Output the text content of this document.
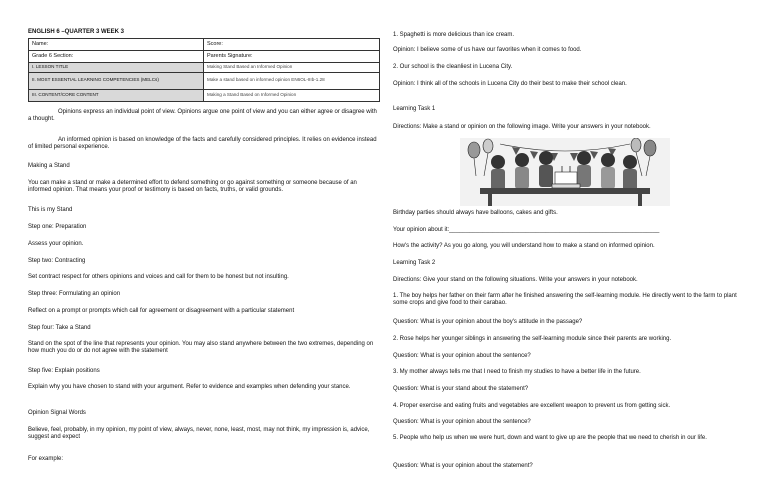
ENGLISH 6 –QUARTER 3 WEEK 3
Name:	Score:
Grade 6 Section:	Parents Signature:
I. LESSON TITLE	Making Stand Based an Informed Opinion
II. MOST ESSENTIAL LEARNING COMPETENCIES (MELCs)	Make a stand based on informed opinion EN6OL-IIIb-1.28
III. CONTENT/CORE CONTENT	Making a Stand Based on Informed Opinion
Opinions express an individual point of view. Opinions argue one point of view and you can either agree or disagree with a thought.
An informed opinion is based on knowledge of the facts and carefully considered principles. It relies on evidence instead of limited personal experience.
Making a Stand
You can make a stand or make a determined effort to defend something or go against something or someone because of an informed opinion. That means your proof or testimony is based on facts, truths, or valid grounds.
This is my Stand
Step one: Preparation
Assess your opinion.
Step two: Contracting
Set contract respect for others opinions and voices and call for them to be honest but not insulting.
Step three: Formulating an opinion
Reflect on a prompt or prompts which call for agreement or disagreement with a particular statement
Step four: Take a Stand
Stand on the spot of the line that represents your opinion. You may also stand anywhere between the two extremes, depending on how much you do or do not agree with the statement
Step five: Explain positions
Explain why you have chosen to stand with your argument. Refer to evidence and examples when defending your stance.
Opinion Signal Words
Believe, feel, probably, in my opinion, my point of view, always, never, none, least, most, may not think, my impression is, advice, suggest and expect
For example:
1. Spaghetti is more delicious than ice cream.
Opinion: I believe some of us have our favorites when it comes to food.
2. Our school is the cleanliest in Lucena City.
Opinion: I think all of the schools in Lucena City do their best to make their school clean.
Learning Task 1
Directions: Make a stand or opinion on the following image. Write your answers in your notebook.
Birthday parties should always have balloons, cakes and gifts.
Your opinion about it:_______________________________________________________________
How's the activity? As you go along, you will understand how to make a stand on informed opinion.
Learning Task 2
Directions: Give your stand on the following situations. Write your answers in your notebook.
1. The boy helps her father on their farm after he finished answering the self-learning module. He directly went to the farm to plant some crops and give food to their carabao.
Question: What is your opinion about the boy's attitude in the passage?
2. Rose helps her younger siblings in answering the self-learning module since their parents are working.
Question: What is your opinion about the sentence?
3. My mother always tells me that I need to finish my studies to have a better life in the future.
Question: What is your stand about the statement?
4. Proper exercise and eating fruits and vegetables are excellent weapon to prevent us from getting sick.
Question: What is your opinion about the sentence?
5. People who help us when we were hurt, down and want to give up are the people that we need to cherish in our life.
Question: What is your opinion about the statement?
